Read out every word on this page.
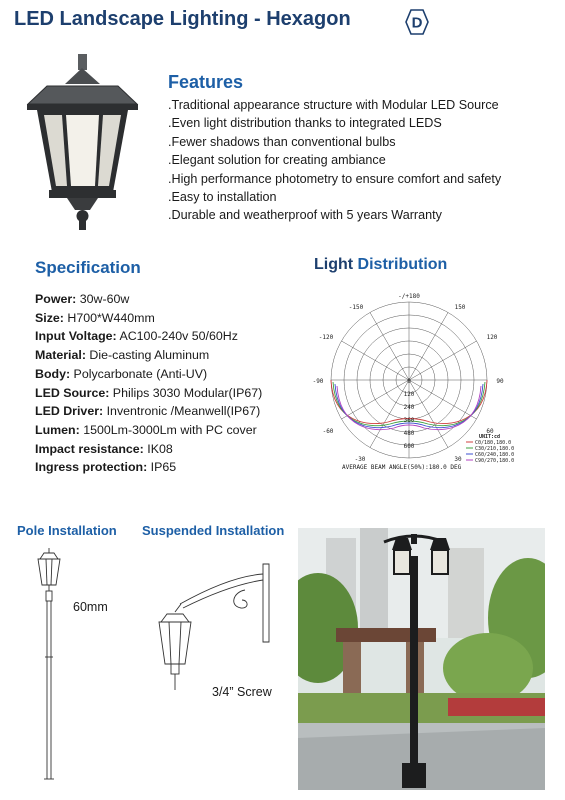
LED Landscape Lighting - Hexagon	D
Features
.Traditional appearance structure with Modular LED Source
.Even light distribution thanks to integrated LEDS
.Fewer shadows than conventional bulbs
.Elegant solution for creating ambiance
.High performance photometry to ensure comfort and safety
.Easy to installation
.Durable and weatherproof with 5 years Warranty
Specification
Power: 30w-60w
Size: H700*W440mm
Input Voltage: AC100-240v 50/60Hz
Material: Die-casting Aluminum
Body: Polycarbonate (Anti-UV)
LED Source: Philips 3030 Modular(IP67)
LED Driver: Inventronic /Meanwell(IP67)
Lumen: 1500Lm-3000Lm with PC cover
Impact resistance: IK08
Ingress protection: IP65
Light Distribution
-/+180
-150	150
-120	120
-90	90
-60	60
-30	30
0
120
240
360
480
600
UNIT:cd
C0/180,180.0
C30/210,180.0
C60/240,180.0
C90/270,180.0
AVERAGE BEAM ANGLE(50%):180.0 DEG
Pole Installation Suspended Installation
60mm
3/4” Screw
